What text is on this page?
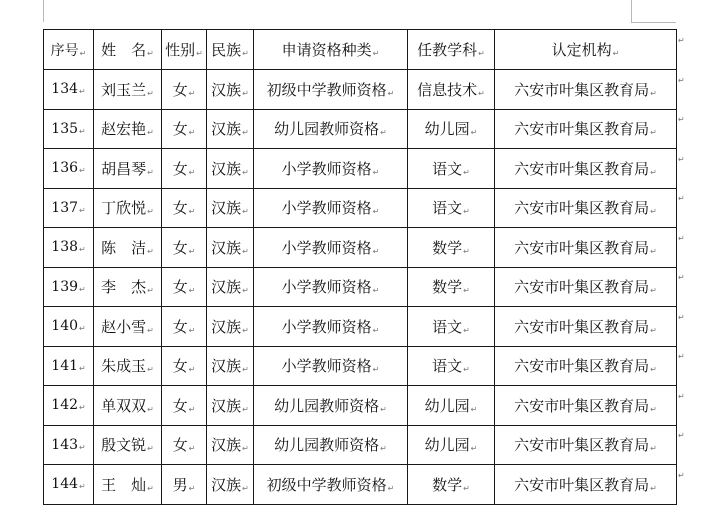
序号↵	姓　名↵	性别↵	民族↵	申请资格种类↵	任教学科↵	认定机构↵
134↵	刘玉兰↵	女↵	汉族↵	初级中学教师资格↵	信息技术↵	六安市叶集区教育局↵
135↵	赵宏艳↵	女↵	汉族↵	幼儿园教师资格↵	幼儿园↵	六安市叶集区教育局↵
136↵	胡昌琴↵	女↵	汉族↵	小学教师资格↵	语文↵	六安市叶集区教育局↵
137↵	丁欣悦↵	女↵	汉族↵	小学教师资格↵	语文↵	六安市叶集区教育局↵
138↵	陈　洁↵	女↵	汉族↵	小学教师资格↵	数学↵	六安市叶集区教育局↵
139↵	李　杰↵	女↵	汉族↵	小学教师资格↵	数学↵	六安市叶集区教育局↵
140↵	赵小雪↵	女↵	汉族↵	小学教师资格↵	语文↵	六安市叶集区教育局↵
141↵	朱成玉↵	女↵	汉族↵	小学教师资格↵	语文↵	六安市叶集区教育局↵
142↵	单双双↵	女↵	汉族↵	幼儿园教师资格↵	幼儿园↵	六安市叶集区教育局↵
143↵	殷文锐↵	女↵	汉族↵	幼儿园教师资格↵	幼儿园↵	六安市叶集区教育局↵
144↵	王　灿↵	男↵	汉族↵	初级中学教师资格↵	数学↵	六安市叶集区教育局↵
↵
↵
↵
↵
↵
↵
↵
↵
↵
↵
↵
↵
